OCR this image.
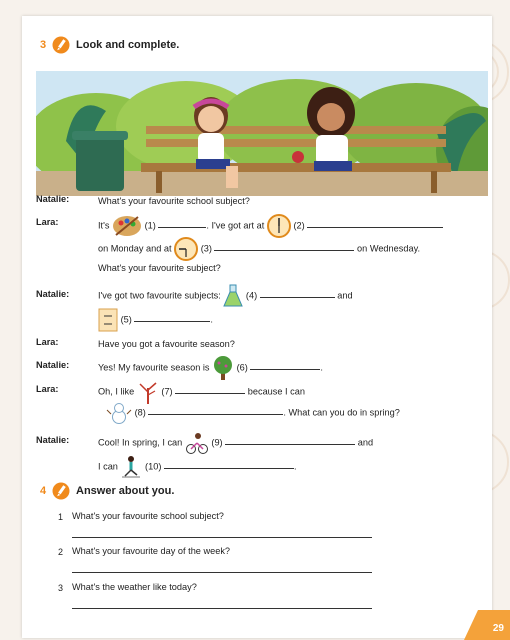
3	Look and complete.
Natalie:	What's your favourite school subject?
Lara:	It's	(1)	. I've got art at	(2)
on Monday and at	(3)	on Wednesday.
What's your favourite subject?
Natalie:	I've got two favourite subjects:	(4)	and
(5)	.
Lara:	Have you got a favourite season?
Natalie:	Yes! My favourite season is	(6)	.
Lara:	Oh, I like	(7)	because I can
(8)	. What can you do in spring?
Natalie:	Cool! In spring, I can	(9)	and
I can	(10)	.
4	Answer about you.
1 What's your favourite school subject?
2 What's your favourite day of the week?
3 What's the weather like today?
29
